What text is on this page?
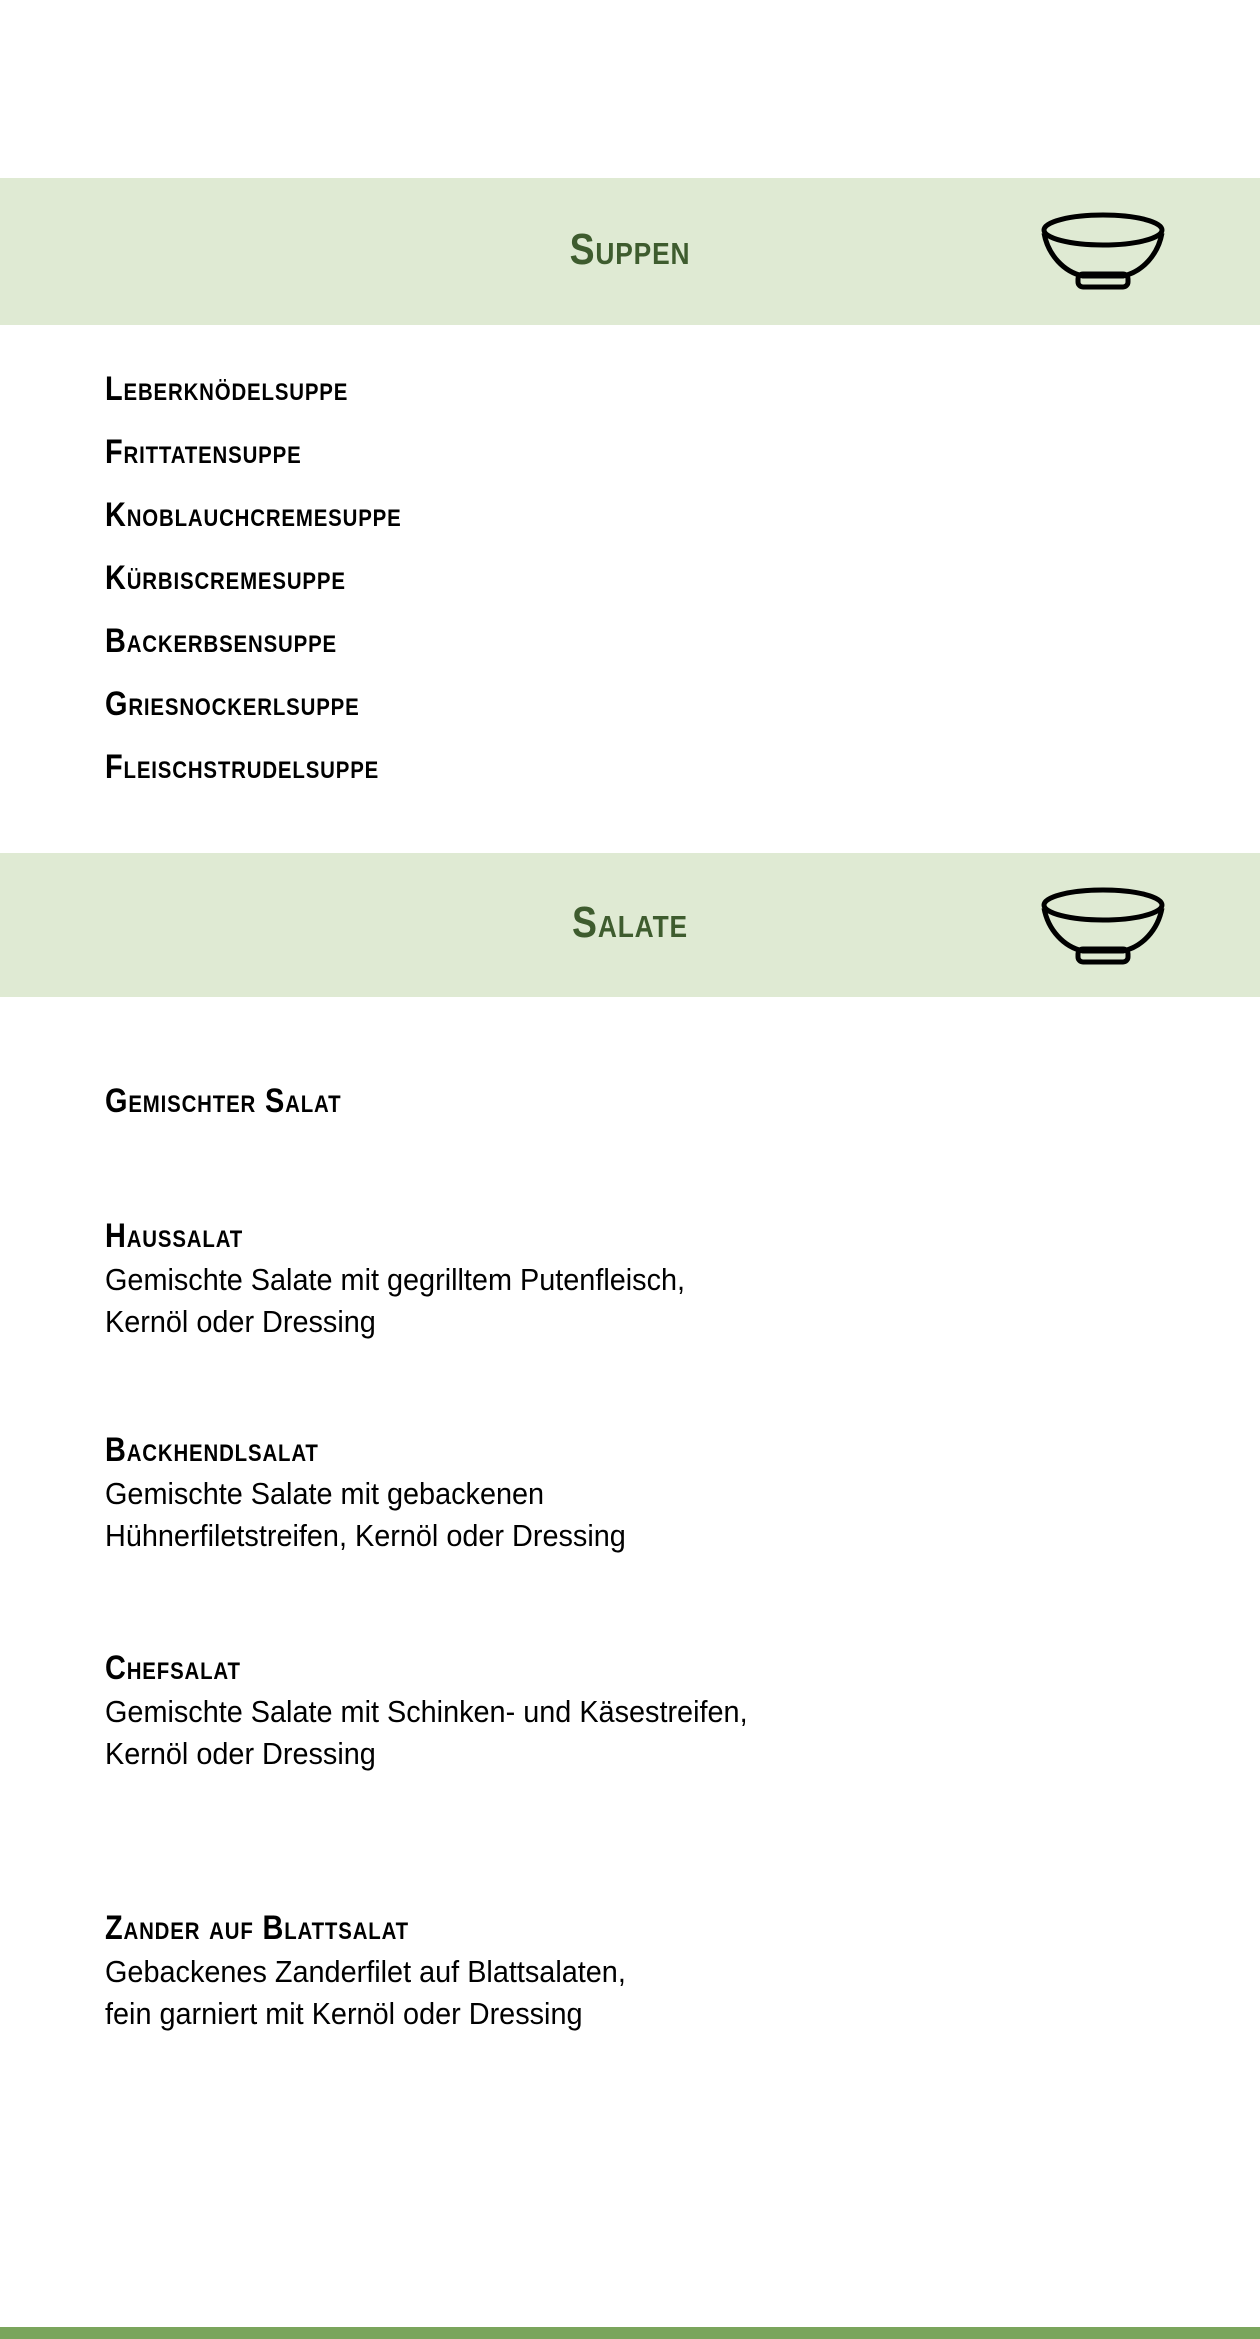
Suppen
Leberknödelsuppe
Frittatensuppe
Knoblauchcremesuppe
Kürbiscremesuppe
Backerbsensuppe
Griesnockerlsuppe
Fleischstrudelsuppe
Salate
Gemischter Salat
Haussalat
Gemischte Salate mit gegrilltem Putenfleisch,
Kernöl oder Dressing
Backhendlsalat
Gemischte Salate mit gebackenen
Hühnerfiletstreifen, Kernöl oder Dressing
Chefsalat
Gemischte Salate mit Schinken- und Käsestreifen,
Kernöl oder Dressing
Zander auf Blattsalat
Gebackenes Zanderfilet auf Blattsalaten,
fein garniert mit Kernöl oder Dressing
